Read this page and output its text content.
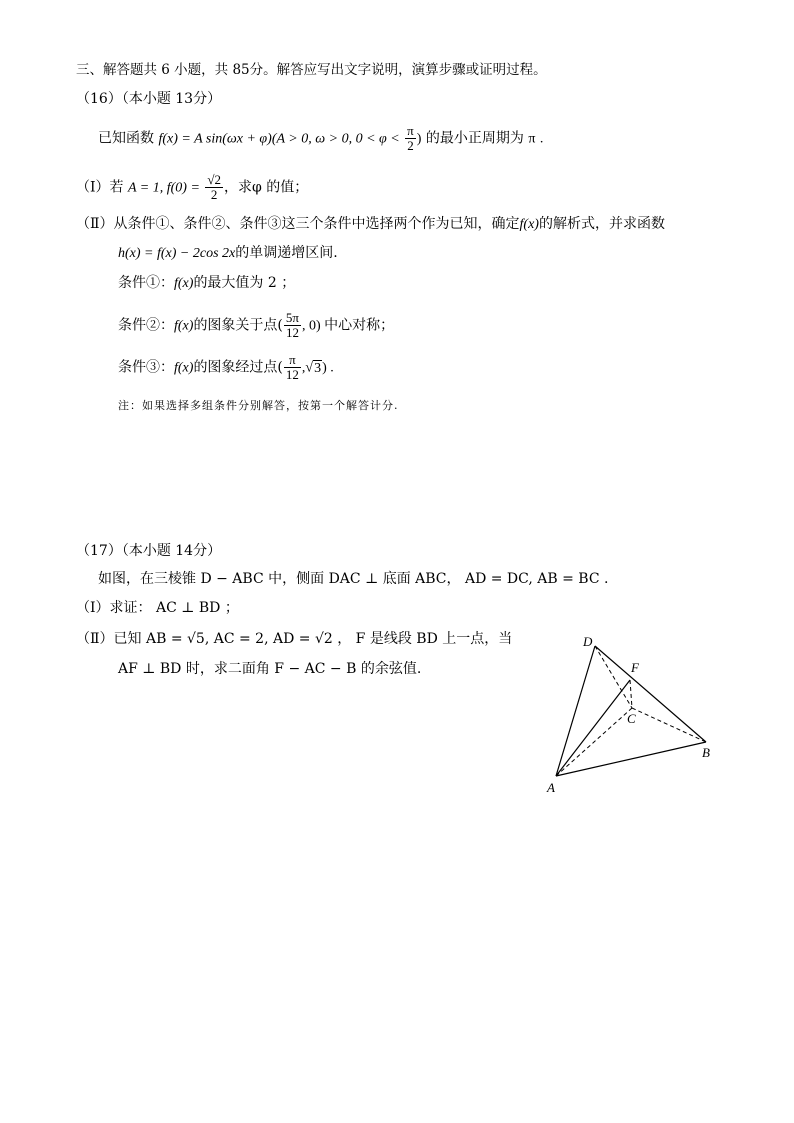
三、解答题共 6 小题，共 85分。解答应写出文字说明，演算步骤或证明过程。
（16）（本小题 13分）
已知函数 f(x) = A sin(ωx + φ)(A > 0, ω > 0, $0 < \varphi < \frac{\pi}{2}$ ) 的最小正周期为 π .
（Ⅰ）若 A = 1, $f(0) = \frac{√2}{2}$ ，求φ 的值；
（Ⅱ）从条件①、条件②、条件③这三个条件中选择两个作为已知，确定f(x)的解析式，并求函数
h(x) = f(x) − 2cos 2x的单调递增区间.
条件①：f(x)的最大值为 2 ；
条件②：f(x)的图象关于点( $\frac{5\pi}{12}$ , 0) 中心对称；
条件③：f(x)的图象经过点( $\frac{\pi}{12} ,√3$) .
注：如果选择多组条件分别解答，按第一个解答计分.
（17）（本小题 14分）
如图，在三棱锥 D − ABC 中，侧面 DAC ⊥ 底面 ABC， AD = DC, AB = BC .
（Ⅰ）求证： AC ⊥ BD ；
（Ⅱ）已知 AB = √5, AC = 2, AD = √2 ， F 是线段 BD 上一点，当
AF ⊥ BD 时，求二面角 F − AC − B 的余弦值.
D
F
C
B
A
